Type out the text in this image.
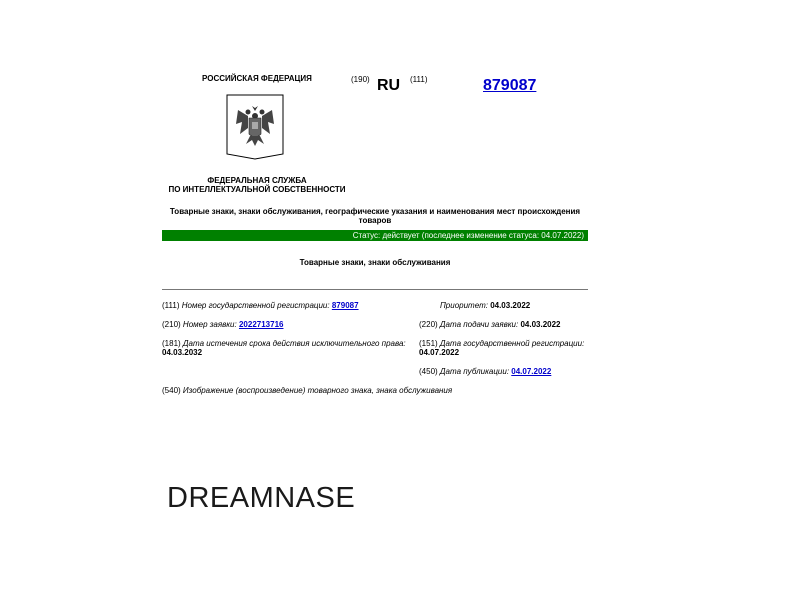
РОССИЙСКАЯ ФЕДЕРАЦИЯ	(190) RU (111)	879087
ФЕДЕРАЛЬНАЯ СЛУЖБА
ПО ИНТЕЛЛЕКТУАЛЬНОЙ СОБСТВЕННОСТИ
Товарные знаки, знаки обслуживания, географические указания и наименования мест происхождения товаров
Статус: действует (последнее изменение статуса: 04.07.2022)
Товарные знаки, знаки обслуживания
(111) Номер государственной регистрации: 879087	Приоритет: 04.03.2022
(210) Номер заявки: 2022713716	(220) Дата подачи заявки: 04.03.2022
(181) Дата истечения срока действия исключительного права:
04.03.2032
(151) Дата государственной регистрации:
04.07.2022
(450) Дата публикации: 04.07.2022
(540) Изображение (воспроизведение) товарного знака, знака обслуживания
DREAMNASE
